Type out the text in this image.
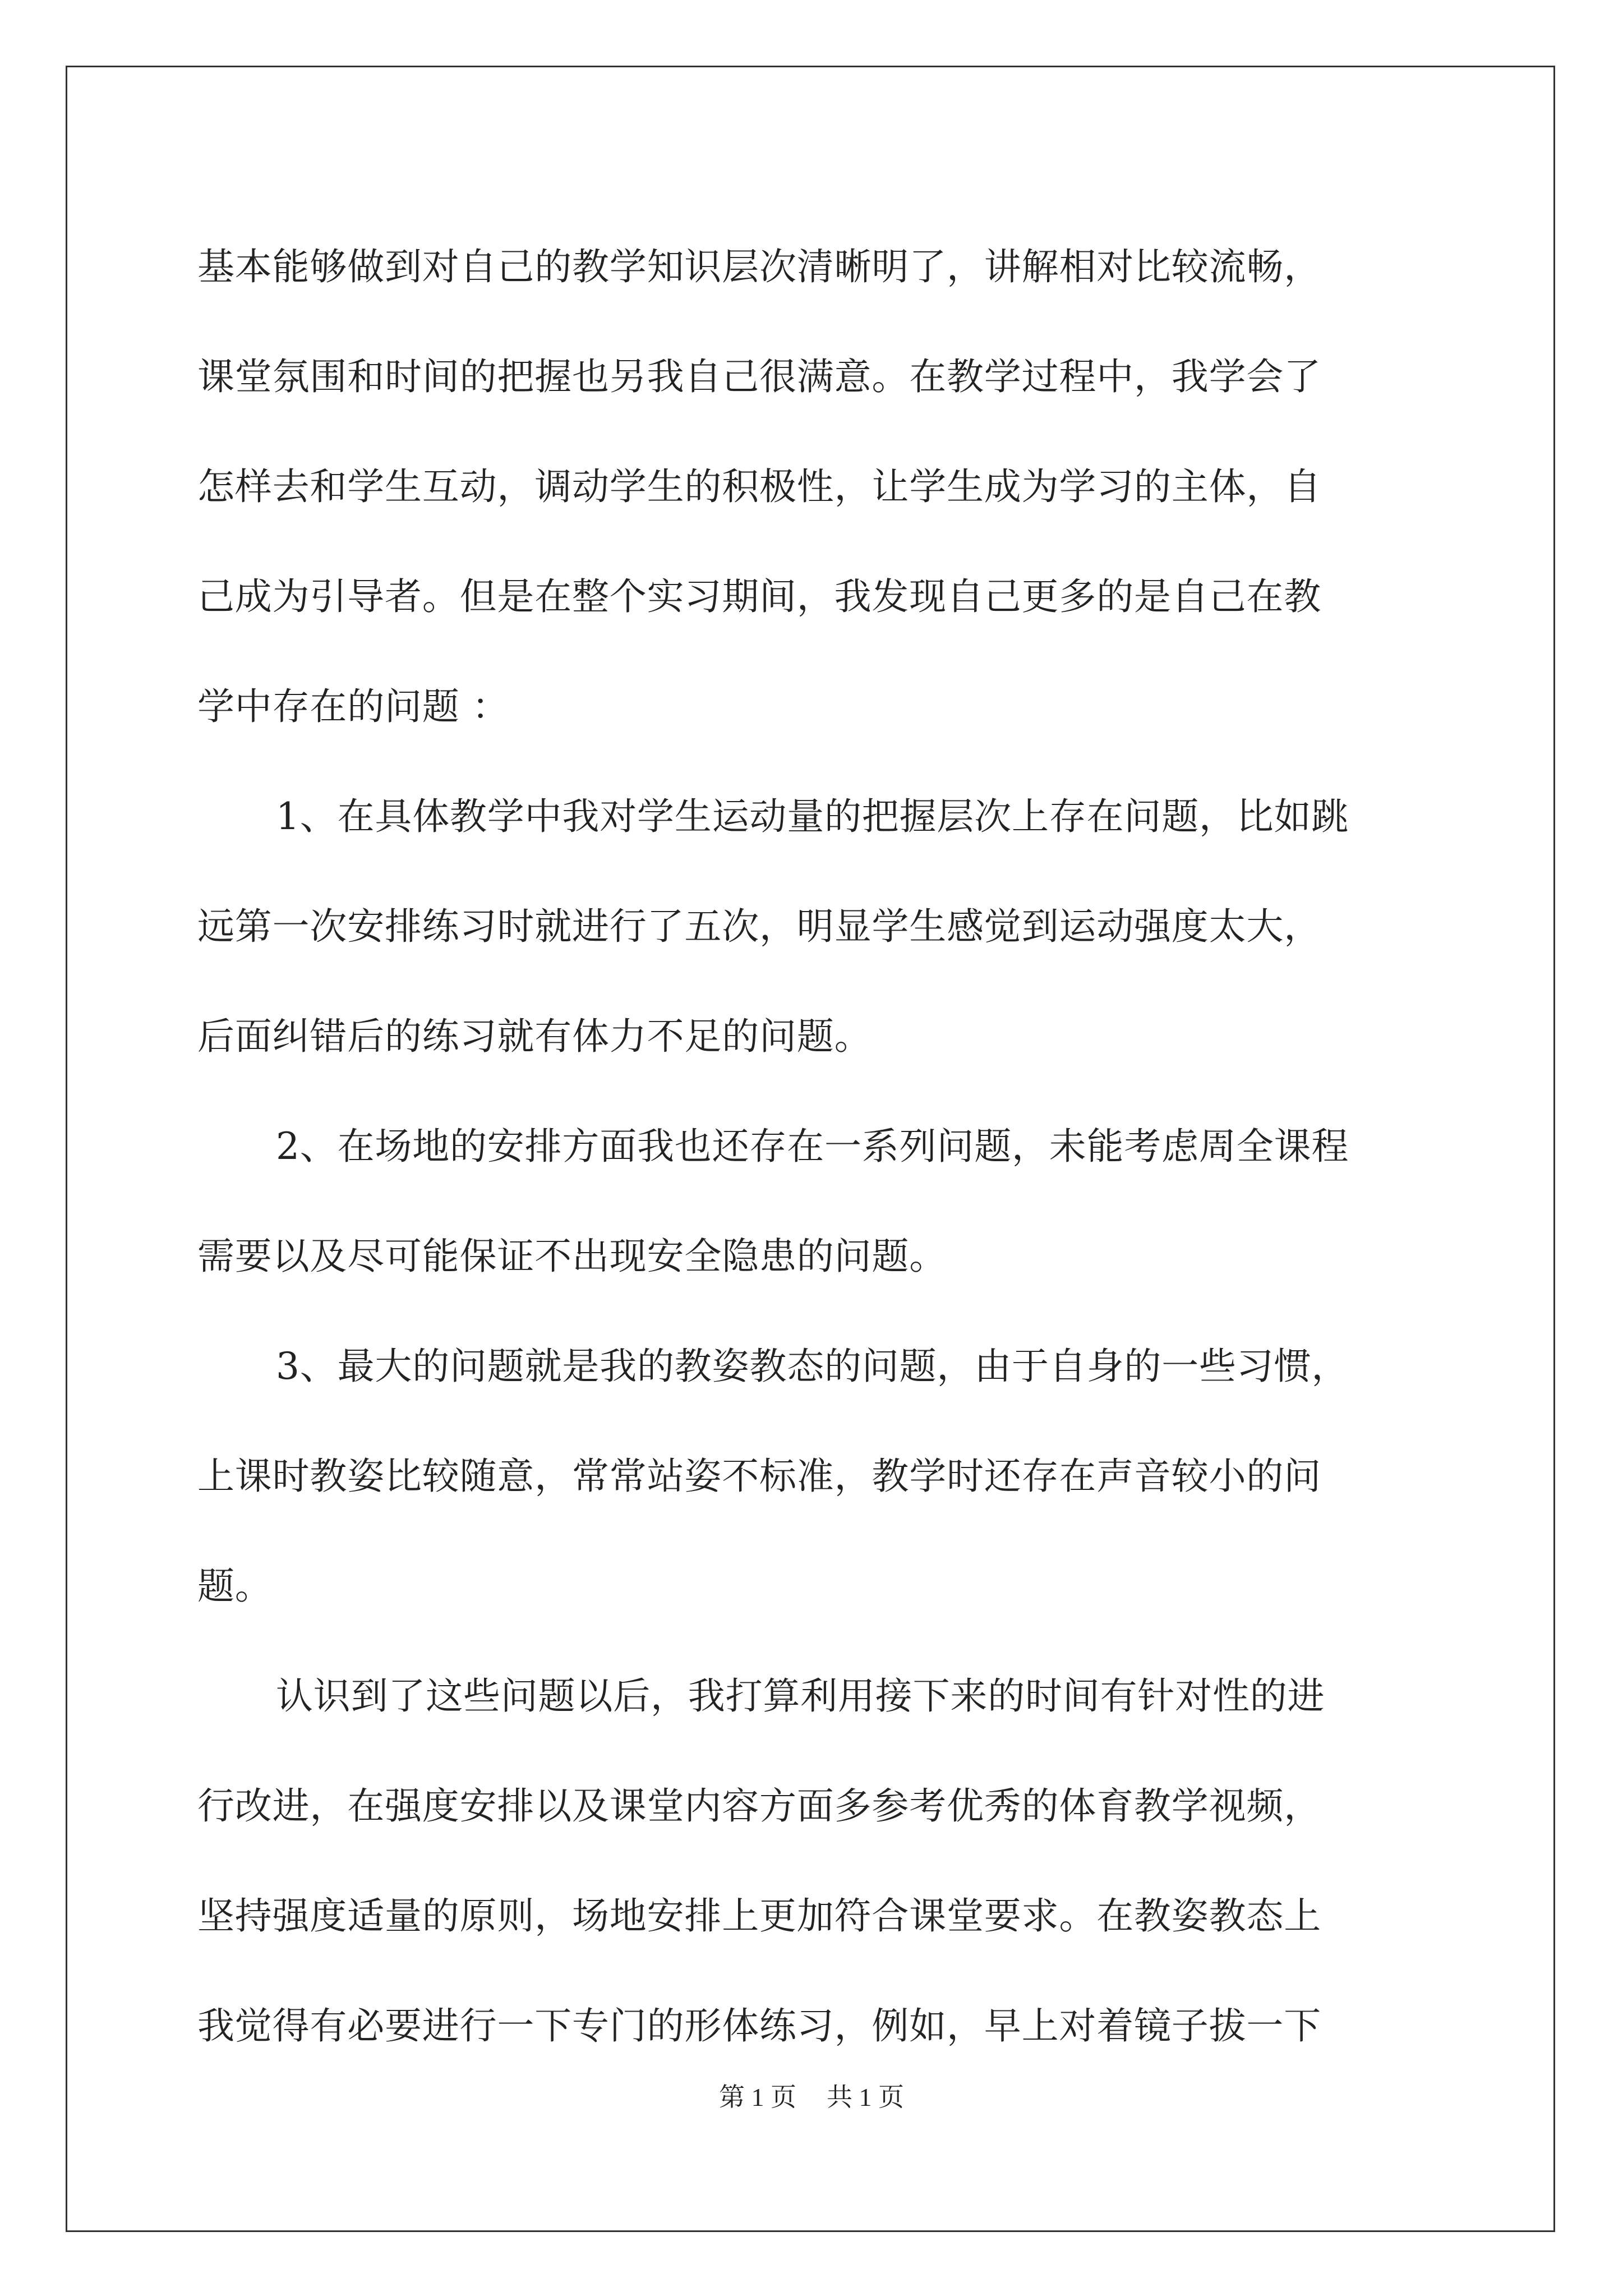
基本能够做到对自己的教学知识层次清晰明了，讲解相对比较流畅，
课堂氛围和时间的把握也另我自己很满意。在教学过程中，我学会了
怎样去和学生互动，调动学生的积极性，让学生成为学习的主体，自
己成为引导者。但是在整个实习期间，我发现自己更多的是自己在教
学中存在的问题 ：
1、在具体教学中我对学生运动量的把握层次上存在问题，比如跳
远第一次安排练习时就进行了五次，明显学生感觉到运动强度太大，
后面纠错后的练习就有体力不足的问题。
2、在场地的安排方面我也还存在一系列问题，未能考虑周全课程
需要以及尽可能保证不出现安全隐患的问题。
3、最大的问题就是我的教姿教态的问题，由于自身的一些习惯，
上课时教姿比较随意，常常站姿不标准，教学时还存在声音较小的问
题。
认识到了这些问题以后，我打算利用接下来的时间有针对性的进
行改进，在强度安排以及课堂内容方面多参考优秀的体育教学视频，
坚持强度适量的原则，场地安排上更加符合课堂要求。在教姿教态上
我觉得有必要进行一下专门的形体练习，例如，早上对着镜子拔一下
第 1 页 共 1 页
